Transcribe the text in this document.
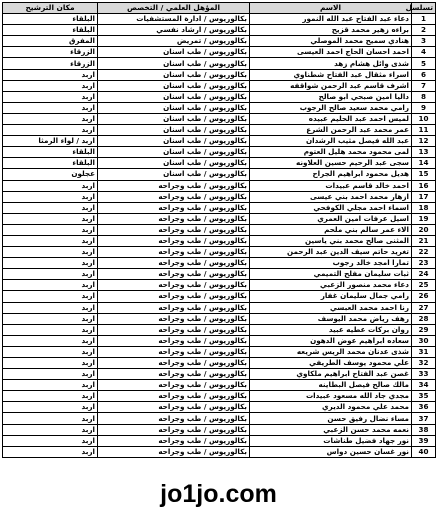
تسلسل	الاسم	المؤهل العلمي / التخصص	مكان الترشيح
1	دعاء عبد الفتاح عبد الله النمور	بكالوريوس / ادارة المستشفيات	البلقاء
2	براءه زهير محمد قزيح	بكالوريوس / ارشاد نفسي	البلقاء
3	هنادي سميح محمد الموصلي	بكالوريوس / تمريض	المفرق
4	احمد احسان الحاج احمد العيسى	بكالوريوس / طب اسنان	الزرقاء
5	شذى وائل هشام زهد	بكالوريوس / طب اسنان	الزرقاء
6	اسراء مثقال عبد الفتاح شطناوي	بكالوريوس / طب اسنان	اربد
7	اشرف قاسم عبد الرحمن شواقفه	بكالوريوس / طب اسنان	اربد
8	داليا امين صبحي ابو صالح	بكالوريوس / طب اسنان	اربد
9	رامي محمد سعيد صالح الرجوب	بكالوريوس / طب اسنان	اربد
10	لميس احمد عبد الحليم عبيده	بكالوريوس / طب اسنان	اربد
11	عمر محمد عبد الرحمن الشرع	بكالوريوس / طب اسنان	اربد
12	عبد الله فيصل مثيب الرشدان	بكالوريوس / طب اسنان	اربد / لواء الرمثا
13	لمى محمود محمد هليل العتوم	بكالوريوس / طب اسنان	البلقاء
14	سجى عبد الرحيم حسين العلاونه	بكالوريوس / طب اسنان	البلقاء
15	هديل محمود ابراهيم الجراح	بكالوريوس / طب اسنان	عجلون
16	احمد خالد قاسم عبيدات	بكالوريوس / طب وجراحه	اربد
17	ازهار محمد احمد بني عيسى	بكالوريوس / طب وجراحه	اربد
18	اسماء احمد مجلي الكوفحي	بكالوريوس / طب وجراحه	اربد
19	اسيل عرفات امين العمري	بكالوريوس / طب وجراحه	اربد
20	الاء عمر سالم بني ملحم	بكالوريوس / طب وجراحه	اربد
21	المثنى صالح محمد بني ياسين	بكالوريوس / طب وجراحه	اربد
22	تغريد حاتم سيف الدين عبد الرحمن	بكالوريوس / طب وجراحه	اربد
23	تمارا امجد خالد رجوب	بكالوريوس / طب وجراحه	اربد
24	ثبات سليمان مفلح التميمي	بكالوريوس / طب وجراحه	اربد
25	دعاء محمد منصور الزعبي	بكالوريوس / طب وجراحه	اربد
26	رامي جمال سليمان غفار	بكالوريوس / طب وجراحه	اربد
27	رنا احمد محمد العبسي	بكالوريوس / طب وجراحه	اربد
28	رهف رياض محمد اليوسف	بكالوريوس / طب وجراحه	اربد
29	روان بركات عطيه عبيد	بكالوريوس / طب وجراحه	اربد
30	سعاده ابراهيم عوض الدهون	بكالوريوس / طب وجراحه	اربد
31	شذى عدنان محمد الريس شريعه	بكالوريوس / طب وجراحه	اربد
32	علي محمود يوسف الطريفي	بكالوريوس / طب وجراحه	اربد
33	غصن عبد الفتاح ابراهيم ملكاوي	بكالوريوس / طب وجراحه	اربد
34	مالك صالح فيصل البطاينه	بكالوريوس / طب وجراحه	اربد
35	مجدي جاد الله مسعود عبيدات	بكالوريوس / طب وجراحه	اربد
36	محمد علي محمود الديري	بكالوريوس / طب وجراحه	اربد
37	مساء نضال رفيق حسن	بكالوريوس / طب وجراحه	اربد
38	نعمه محمد حسن الزعبي	بكالوريوس / طب وجراحه	اربد
39	نور جهاد فضيل طناشات	بكالوريوس / طب وجراحه	اربد
40	نور غسان حسين دواس	بكالوريوس / طب وجراحه	اربد
jo1jo.com
